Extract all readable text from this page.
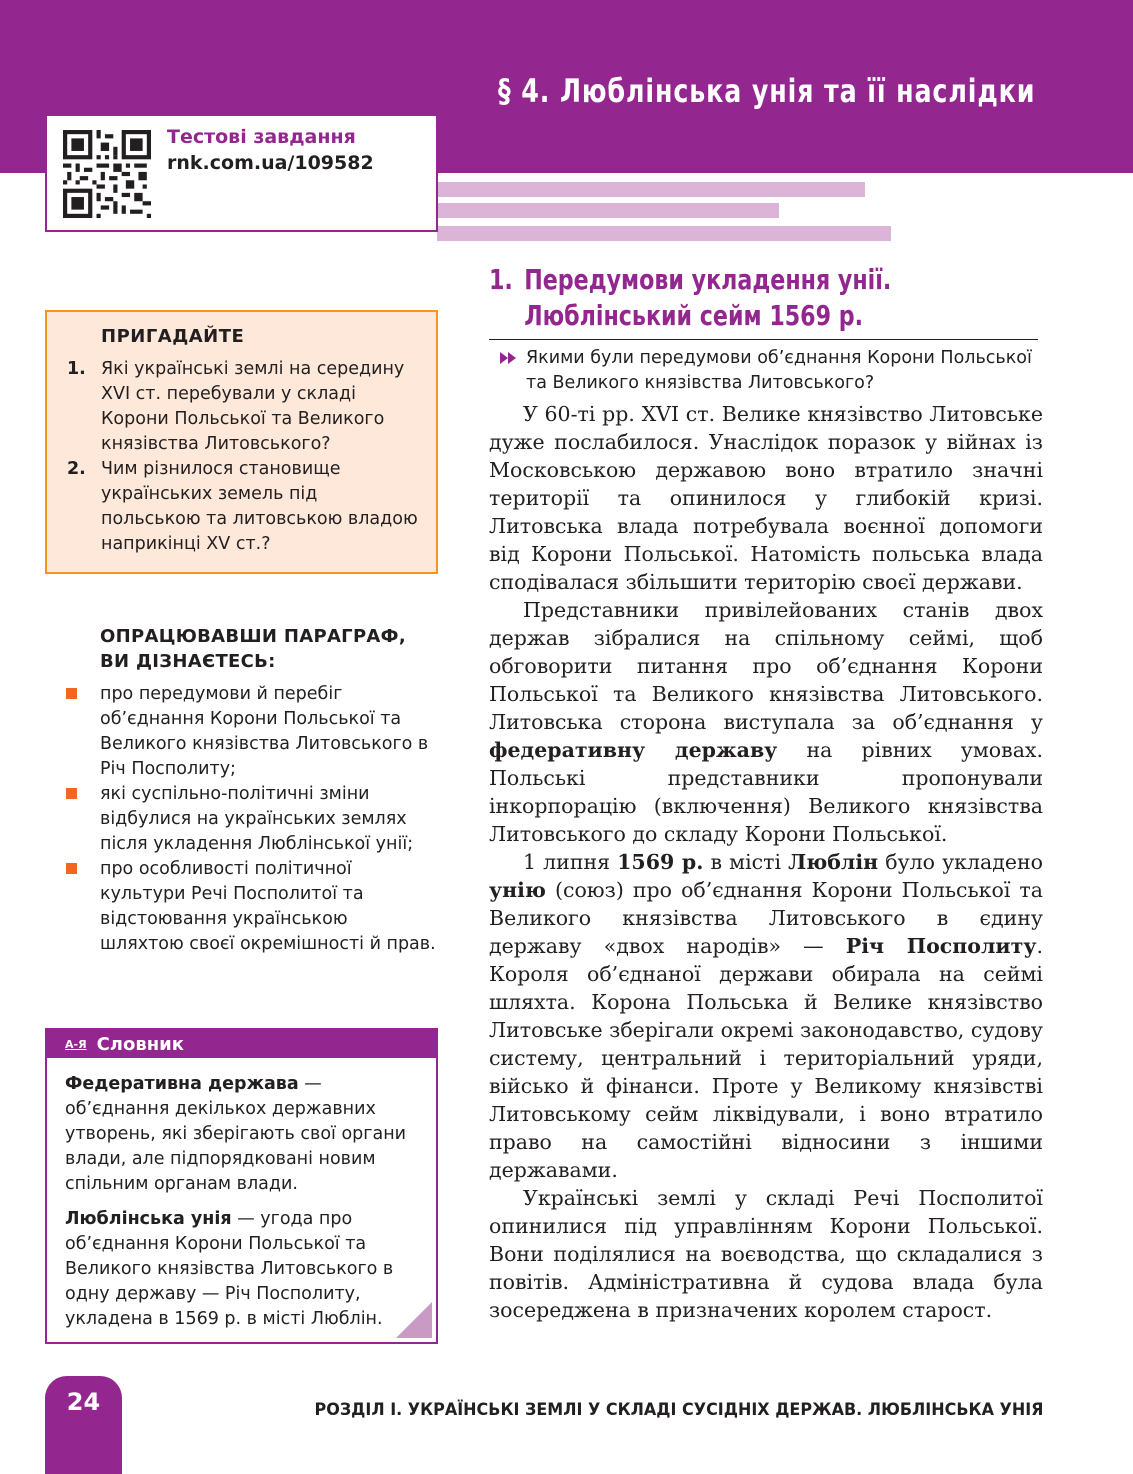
§ 4. Люблінська унія та її наслідки
Тестові завдання
rnk.com.ua/109582
ПРИГАДАЙТЕ
1. Які українські землі на середину XVI ст. перебували у складі Корони Польської та Великого князівства Литовського?
2. Чим різнилося становище українських земель під польською та литовською владою наприкінці XV ст.?
ОПРАЦЮВАВШИ ПАРАГРАФ, ВИ ДІЗНАЄТЕСЬ:
про передумови й перебіг об’єднання Корони Польської та Великого князівства Литовського в Річ Посполиту;
які суспільно-політичні зміни відбулися на українських землях після укладення Люблінської унії;
про особливості політичної культури Речі Посполитої та відстоювання українською шляхтою своєї окремішності й прав.
А-Я Словник
Федеративна держава — об’єднання декількох державних утворень, які зберігають свої органи влади, але підпорядковані новим спільним органам влади.
Люблінська унія — угода про об’єднання Корони Польської та Великого князівства Литовського в одну державу — Річ Посполиту, укладена в 1569 р. в місті Люблін.
1. Передумови укладення унії.
Люблінський сейм 1569 р.
Якими були передумови об’єднання Корони Польської та Великого князівства Литовського?

У 60-ті рр. XVI ст. Велике князівство Литовське дуже послабилося. Унаслідок поразок у війнах із Московською державою воно втратило значні території та опинилося у глибокій кризі. Литовська влада потребувала воєнної допомоги від Корони Польської. Натомість польська влада сподівалася збільшити територію своєї держави.

Представники привілейованих станів двох держав зібралися на спільному сеймі, щоб обговорити питання про об’єднання Корони Польської та Великого князівства Литовського. Литовська сторона виступала за об’єднання у федеративну державу на рівних умовах. Польські представники пропонували інкорпорацію (включення) Великого князівства Литовського до складу Корони Польської.

1 липня 1569 р. в місті Люблін було укладено унію (союз) про об’єднання Корони Польської та Великого князівства Литовського в єдину державу «двох народів» — Річ Посполиту. Короля об’єднаної держави обирала на сеймі шляхта. Корона Польська й Велике князівство Литовське зберігали окремі законодавство, судову систему, центральний і територіальний уряди, військо й фінанси. Проте у Великому князівстві Литовському сейм ліквідували, і воно втратило право на самостійні відносини з іншими державами.

Українські землі у складі Речі Посполитої опинилися під управлінням Корони Польської. Вони поділялися на воєводства, що складалися з повітів. Адміністративна й судова влада була зосереджена в призначених королем старост.

24	РОЗДІЛ І. УКРАЇНСЬКІ ЗЕМЛІ У СКЛАДІ СУСІДНІХ ДЕРЖАВ. ЛЮБЛІНСЬКА УНІЯ
